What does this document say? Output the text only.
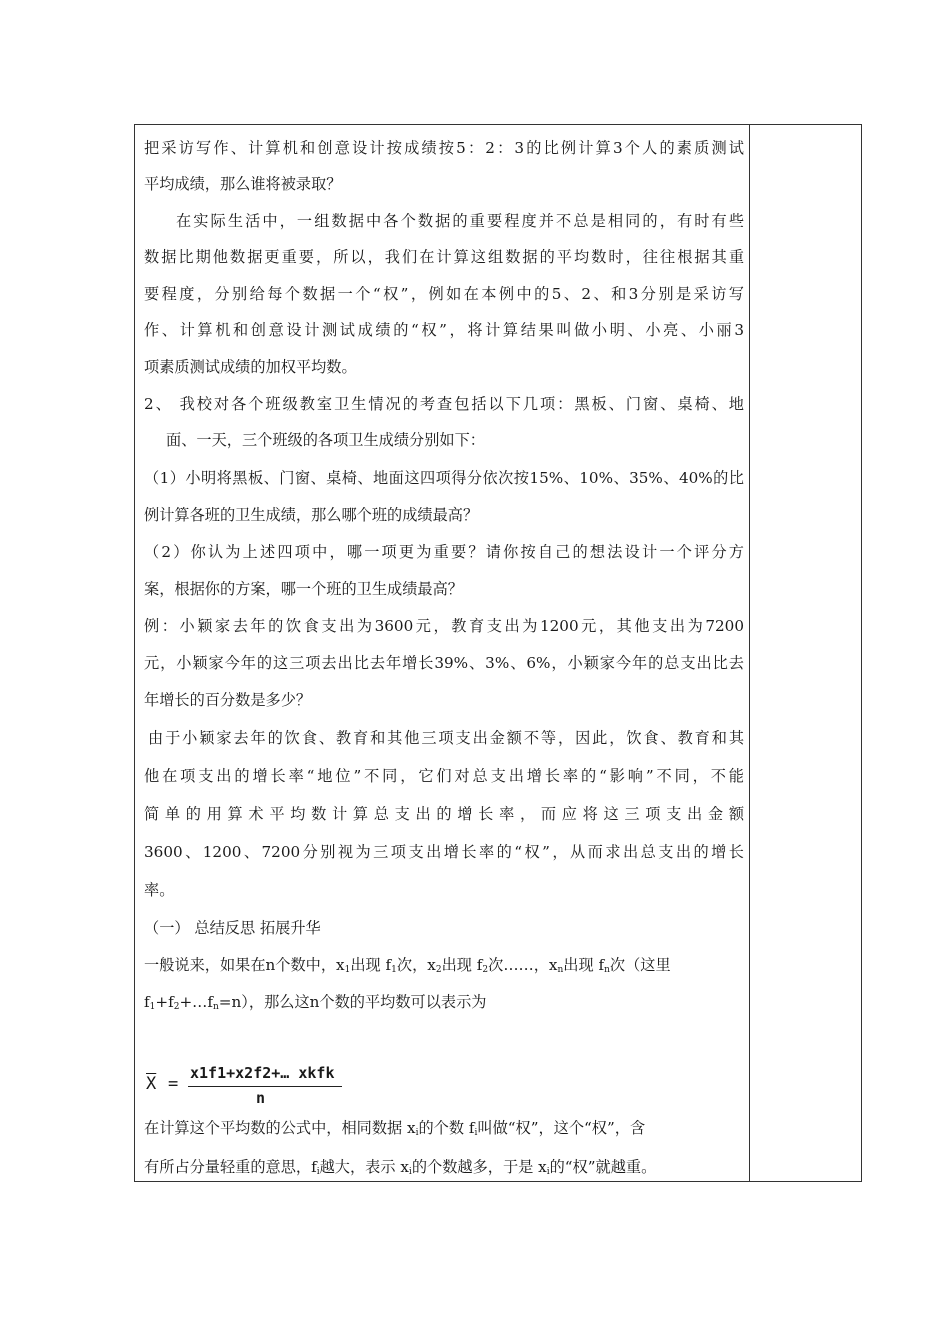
把采访写作、计算机和创意设计按成绩按5：2：3的比例计算3个人的素质测试
平均成绩，那么谁将被录取？
在实际生活中，一组数据中各个数据的重要程度并不总是相同的，有时有些
数据比期他数据更重要，所以，我们在计算这组数据的平均数时，往往根据其重
要程度，分别给每个数据一个“权”，例如在本例中的5、2、和3分别是采访写
作、计算机和创意设计测试成绩的“权”，将计算结果叫做小明、小亮、小丽3
项素质测试成绩的加权平均数。
2、 我校对各个班级教室卫生情况的考查包括以下几项：黑板、门窗、桌椅、地
面、一天，三个班级的各项卫生成绩分别如下：
（1）小明将黑板、门窗、桌椅、地面这四项得分依次按15%、10%、35%、40%的比
例计算各班的卫生成绩，那么哪个班的成绩最高？
（2）你认为上述四项中，哪一项更为重要？请你按自己的想法设计一个评分方
案，根据你的方案，哪一个班的卫生成绩最高？
例：小颖家去年的饮食支出为3600元，教育支出为1200元，其他支出为7200
元，小颖家今年的这三项去出比去年增长39%、3%、6%，小颖家今年的总支出比去
年增长的百分数是多少？
由于小颖家去年的饮食、教育和其他三项支出金额不等，因此，饮食、教育和其
他在项支出的增长率“地位”不同，它们对总支出增长率的“影响”不同，不能
简单的用算术平均数计算总支出的增长率，而应将这三项支出金额
3600、1200、7200分别视为三项支出增长率的“权”，从而求出总支出的增长
率。
（一） 总结反思 拓展升华
一般说来，如果在n个数中，$x_1$出现 $f_1$次，$x_2$出现 $f_2$次……，$x_n$出现 $f_n$次（这里
$f_1+f_2+\dots f_n=n$），那么这n个数的平均数可以表示为
$\overline{X}$ =
x1f1+x2f2+… xkfk
n
在计算这个平均数的公式中，相同数据 $x_i$的个数 $f_i$叫做“权”，这个“权”，含
有所占分量轻重的意思，$f_i$越大，表示 $x_i$的个数越多，于是 $x_i$的“权”就越重。
